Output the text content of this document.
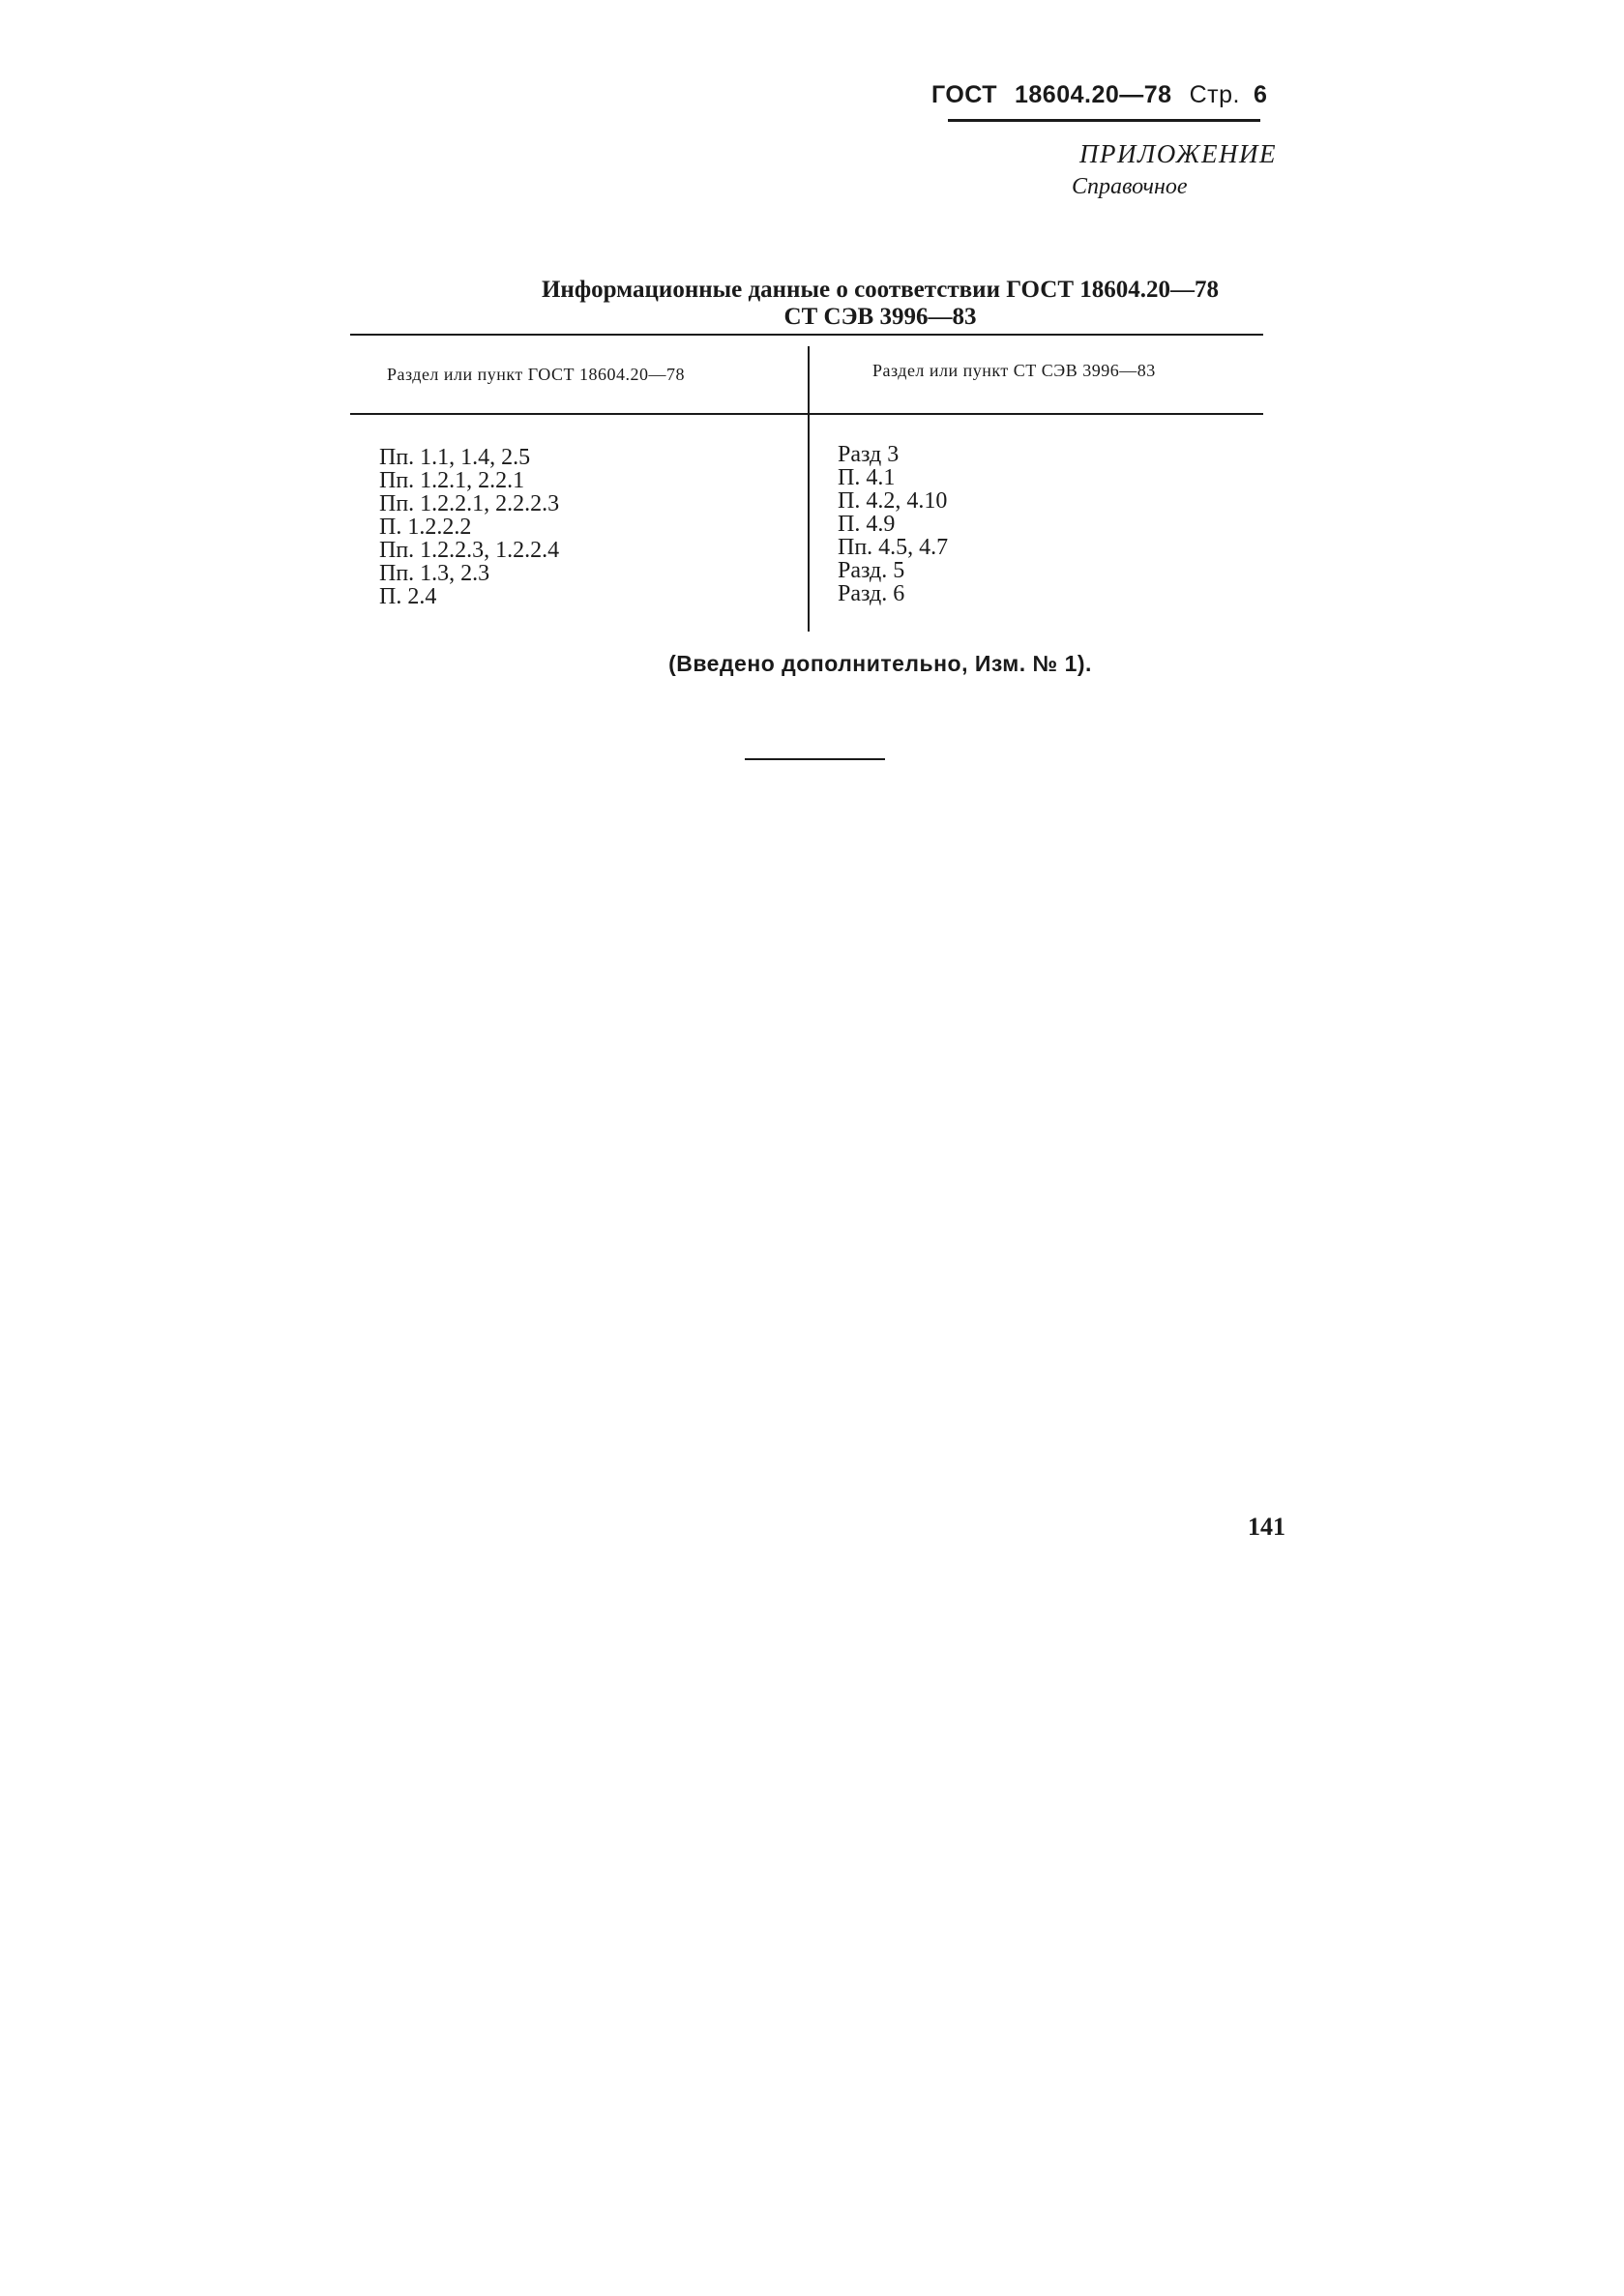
ГОСТ 18604.20—78 Стр. 6
ПРИЛОЖЕНИЕ
Справочное
Информационные данные о соответствии ГОСТ 18604.20—78
СТ СЭВ 3996—83
Раздел или пункт ГОСТ 18604.20—78	Раздел или пункт СТ СЭВ 3996—83
Пп. 1.1, 1.4, 2.5
Пп. 1.2.1, 2.2.1
Пп. 1.2.2.1, 2.2.2.3
П. 1.2.2.2
Пп. 1.2.2.3, 1.2.2.4
Пп. 1.3, 2.3
П. 2.4
Разд 3
П. 4.1
П. 4.2, 4.10
П. 4.9
Пп. 4.5, 4.7
Разд. 5
Разд. 6
(Введено дополнительно, Изм. № 1).
141
